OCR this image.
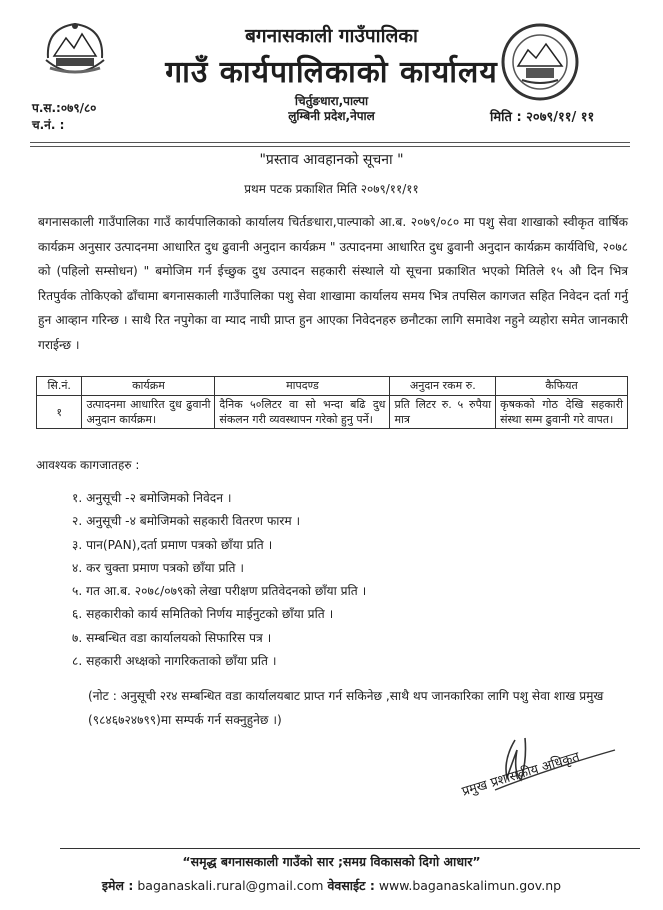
बगनासकाली गाउँपालिका
गाउँ कार्यपालिकाको कार्यालय
चिर्तुङधारा,पाल्पा
लुम्बिनी प्रदेश,नेपाल
प.स.:०७९/८०
च.नं. :	मिति : २०७९/११/ ११
"प्रस्ताव आवहानको सूचना "
प्रथम पटक प्रकाशित मिति २०७९/११/११
बगनासकाली गाउँपालिका गाउँ कार्यपालिकाको कार्यालय चिर्तङधारा,पाल्पाको आ.ब. २०७९/०८० मा पशु सेवा शाखाको स्वीकृत वार्षिक कार्यक्रम अनुसार उत्पादनमा आधारित दुध ढुवानी अनुदान कार्यक्रम " उत्पादनमा आधारित दुध ढुवानी अनुदान कार्यक्रम कार्यविधि, २०७८ को (पहिलो सम्सोधन) " बमोजिम गर्न ईच्छुक दुध उत्पादन सहकारी संस्थाले यो सूचना प्रकाशित भएको मितिले १५ औ दिन भित्र रितपुर्वक तोकिएको ढाँचामा बगनासकाली गाउँपालिका पशु सेवा शाखामा कार्यालय समय भित्र तपसिल कागजत सहित निवेदन दर्ता गर्नु हुन आव्हान गरिन्छ । साथै रित नपुगेका वा म्याद नाघी प्राप्त हुन आएका निवेदनहरु छनौटका लागि समावेश नहुने व्यहोरा समेत जानकारी गराईन्छ ।
सि.नं.	कार्यक्रम	मापदण्ड	अनुदान रकम रु.	कैफियत
१	उत्पादनमा आधारित दुध ढुवानी अनुदान कार्यक्रम।	दैनिक ५०लिटर वा सो भन्दा बढि दुध संकलन गरी व्यवस्थापन गरेको हुनु पर्ने।	प्रति लिटर रु. ५ रुपैया मात्र	कृषकको गोठ देखि सहकारी संस्था सम्म ढुवानी गरे वापत।
आवश्यक कागजातहरु :
१. अनुसूची -२ बमोजिमको निवेदन ।
२. अनुसूची -४ बमोजिमको सहकारी वितरण फारम ।
३. पान(PAN),दर्ता प्रमाण पत्रको छाँया प्रति ।
४. कर चुक्ता प्रमाण पत्रको छाँया प्रति ।
५. गत आ.ब. २०७८/०७९को लेखा परीक्षण प्रतिवेदनको छाँया प्रति ।
६. सहकारीको कार्य समितिको निर्णय माईनुटको छाँया प्रति ।
७. सम्बन्धित वडा कार्यालयको सिफारिस पत्र ।
८. सहकारी अध्क्षको नागरिकताको छाँया प्रति ।
(नोट : अनुसूची २र४ सम्बन्धित वडा कार्यालयबाट प्राप्त गर्न सकिनेछ ,साथै थप जानकारिका लागि पशु सेवा शाख प्रमुख (९८४६७२४७९९)मा सम्पर्क गर्न सक्नुहुनेछ ।)
प्रमुख प्रशासकीय अधिकृत
“समृद्ध बगनासकाली गाउँको सार ;समग्र विकासको दिगो आधार”
इमेल : baganaskali.rural@gmail.com वेवसाईट : www.baganaskalimun.gov.np
